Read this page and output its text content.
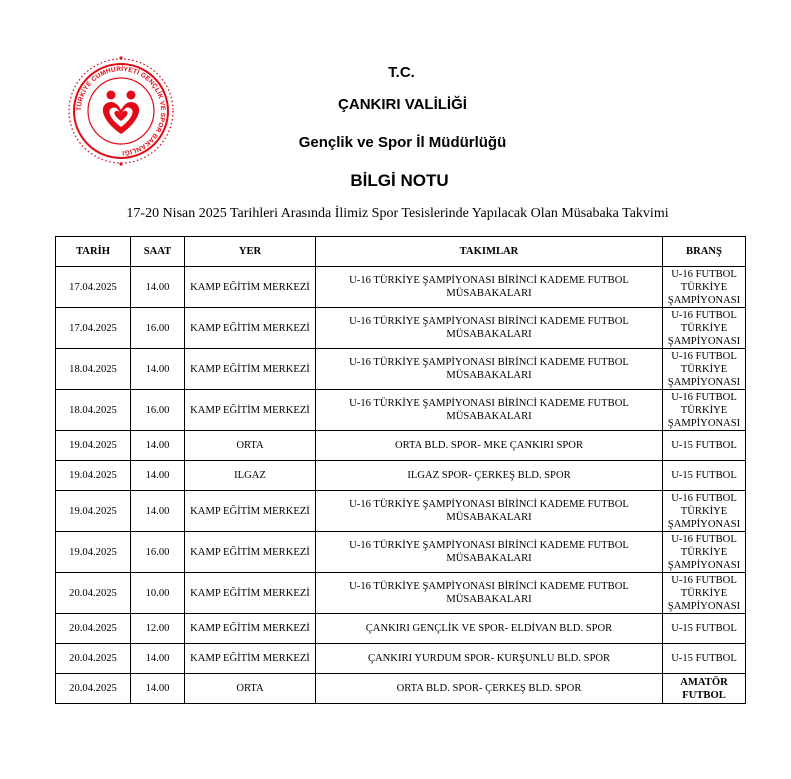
TÜRKİYE CUMHURİYETİ GENÇLİK VE SPOR BAKANLIĞI
T.C.
ÇANKIRI VALİLİĞİ
Gençlik ve Spor İl Müdürlüğü
BİLGİ NOTU
17-20 Nisan 2025 Tarihleri Arasında İlimiz Spor Tesislerinde Yapılacak Olan Müsabaka Takvimi
TARİH	SAAT	YER	TAKIMLAR	BRANŞ
17.04.2025	14.00	KAMP EĞİTİM MERKEZİ	U-16 TÜRKİYE ŞAMPİYONASI BİRİNCİ KADEME FUTBOL MÜSABAKALARI	U-16 FUTBOL TÜRKİYE ŞAMPİYONASI
17.04.2025	16.00	KAMP EĞİTİM MERKEZİ	U-16 TÜRKİYE ŞAMPİYONASI BİRİNCİ KADEME FUTBOL MÜSABAKALARI	U-16 FUTBOL TÜRKİYE ŞAMPİYONASI
18.04.2025	14.00	KAMP EĞİTİM MERKEZİ	U-16 TÜRKİYE ŞAMPİYONASI BİRİNCİ KADEME FUTBOL MÜSABAKALARI	U-16 FUTBOL TÜRKİYE ŞAMPİYONASI
18.04.2025	16.00	KAMP EĞİTİM MERKEZİ	U-16 TÜRKİYE ŞAMPİYONASI BİRİNCİ KADEME FUTBOL MÜSABAKALARI	U-16 FUTBOL TÜRKİYE ŞAMPİYONASI
19.04.2025	14.00	ORTA	ORTA BLD. SPOR- MKE ÇANKIRI SPOR	U-15 FUTBOL
19.04.2025	14.00	ILGAZ	ILGAZ SPOR- ÇERKEŞ BLD. SPOR	U-15 FUTBOL
19.04.2025	14.00	KAMP EĞİTİM MERKEZİ	U-16 TÜRKİYE ŞAMPİYONASI BİRİNCİ KADEME FUTBOL MÜSABAKALARI	U-16 FUTBOL TÜRKİYE ŞAMPİYONASI
19.04.2025	16.00	KAMP EĞİTİM MERKEZİ	U-16 TÜRKİYE ŞAMPİYONASI BİRİNCİ KADEME FUTBOL MÜSABAKALARI	U-16 FUTBOL TÜRKİYE ŞAMPİYONASI
20.04.2025	10.00	KAMP EĞİTİM MERKEZİ	U-16 TÜRKİYE ŞAMPİYONASI BİRİNCİ KADEME FUTBOL MÜSABAKALARI	U-16 FUTBOL TÜRKİYE ŞAMPİYONASI
20.04.2025	12.00	KAMP EĞİTİM MERKEZİ	ÇANKIRI GENÇLİK VE SPOR- ELDİVAN BLD. SPOR	U-15 FUTBOL
20.04.2025	14.00	KAMP EĞİTİM MERKEZİ	ÇANKIRI YURDUM SPOR- KURŞUNLU BLD. SPOR	U-15 FUTBOL
20.04.2025	14.00	ORTA	ORTA BLD. SPOR- ÇERKEŞ BLD. SPOR	AMATÖR FUTBOL
